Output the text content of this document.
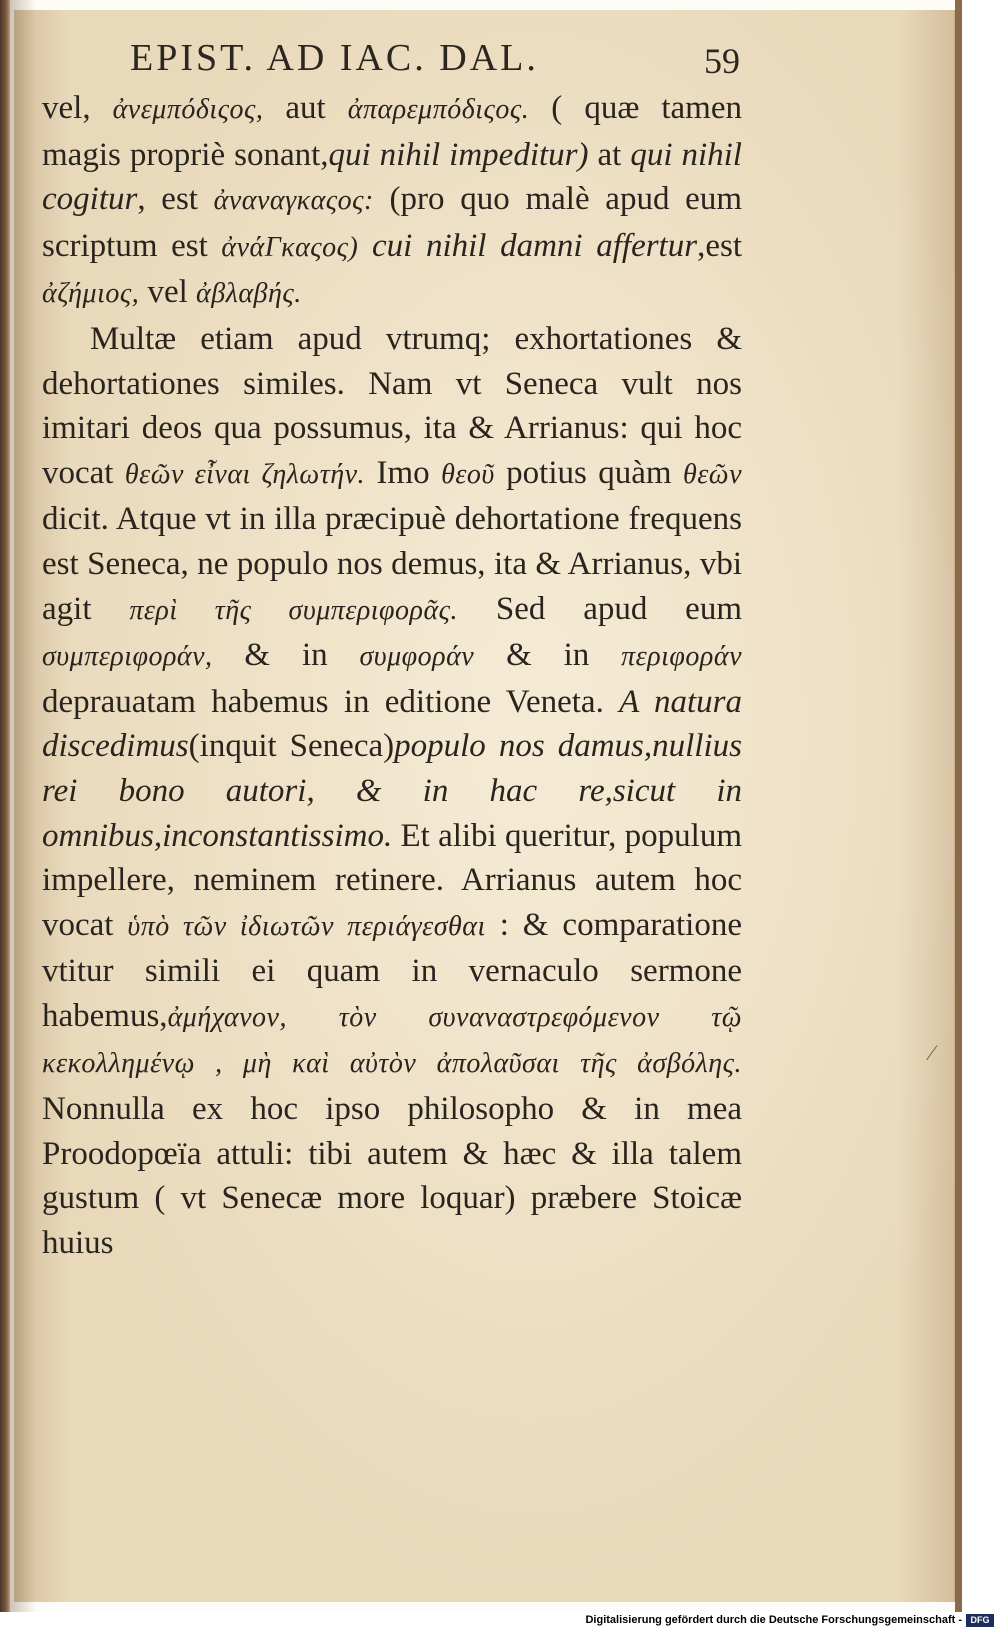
EPIST. AD IAC. DAL.	59

vel, ἀνεμπόδιςος, aut ἀπαρεμπόδιςος. ( quæ tamen magis propriè sonant,qui nihil impeditur) at qui nihil cogitur, est ἀναναγκαςος: (pro quo malè apud eum scriptum est ἀνάΓκαςος) cui nihil damni affertur,est ἀζήμιος, vel ἀβλαβής.

Multæ etiam apud vtrumq; exhortationes & dehortationes similes. Nam vt Seneca vult nos imitari deos qua possumus, ita & Arrianus: qui hoc vocat θεῶν εἶναι ζηλωτήν. Imo θεοῦ potius quàm θεῶν dicit. Atque vt in illa præcipuè dehortatione frequens est Seneca, ne populo nos demus, ita & Arrianus, vbi agit περὶ τῆς συμπεριφορᾶς. Sed apud eum συμπεριφοράν, & in συμφοράν & in περιφοράν deprauatam habemus in editione Veneta. A natura discedimus(inquit Seneca)populo nos damus,nullius rei bono autori, & in hac re,sicut in omnibus,inconstantissimo. Et alibi queritur, populum impellere, neminem retinere. Arrianus autem hoc vocat ὑπὸ τῶν ἰδιωτῶν περιάγεσθαι : & comparatione vtitur simili ei quam in vernaculo sermone habemus,ἀμήχανον, τὸν συναναστρεφόμενον τῷ κεκολλημένῳ , μὴ καὶ αὐτὸν ἀπολαῦσαι τῆς ἀσβόλης. Nonnulla ex hoc ipso philosopho & in mea Proodopœïa attuli: tibi autem & hæc & illa talem gustum ( vt Senecæ more loquar) præbere Stoicæ huius

⁄
Digitalisierung gefördert durch die Deutsche Forschungsgemeinschaft - DFG
